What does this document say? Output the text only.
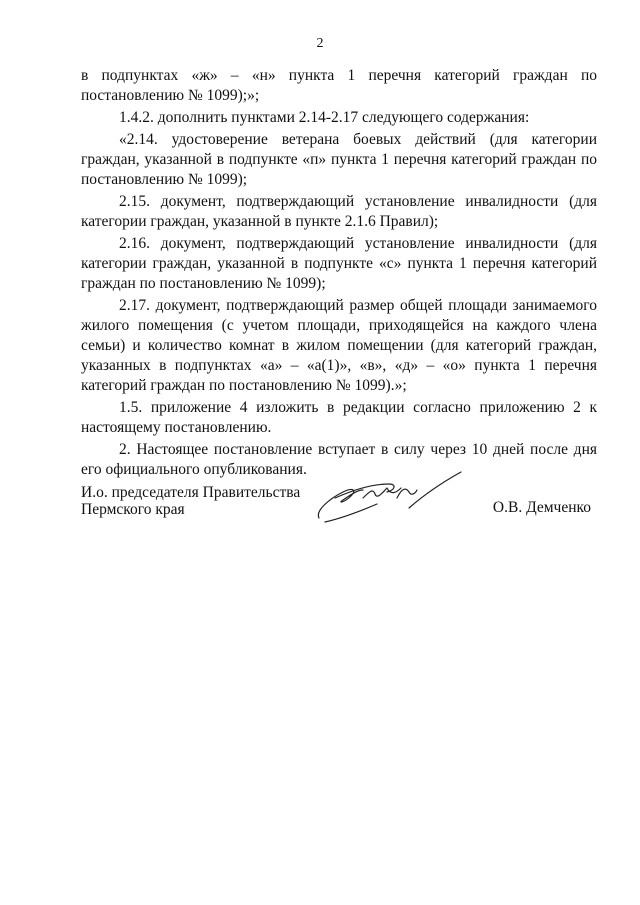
2

в подпунктах «ж» – «н» пункта 1 перечня категорий граждан по постановлению № 1099);»;

1.4.2. дополнить пунктами 2.14-2.17 следующего содержания:

«2.14. удостоверение ветерана боевых действий (для категории граждан, указанной в подпункте «п» пункта 1 перечня категорий граждан по постановлению № 1099);

2.15. документ, подтверждающий установление инвалидности (для категории граждан, указанной в пункте 2.1.6 Правил);

2.16. документ, подтверждающий установление инвалидности (для категории граждан, указанной в подпункте «с» пункта 1 перечня категорий граждан по постановлению № 1099);

2.17. документ, подтверждающий размер общей площади занимаемого жилого помещения (с учетом площади, приходящейся на каждого члена семьи) и количество комнат в жилом помещении (для категорий граждан, указанных в подпунктах «а» – «а(1)», «в», «д» – «о» пункта 1 перечня категорий граждан по постановлению № 1099).»;

1.5. приложение 4 изложить в редакции согласно приложению 2 к настоящему постановлению.

2. Настоящее постановление вступает в силу через 10 дней после дня его официального опубликования.

И.о. председателя Правительства
Пермского края	О.В. Демченко
